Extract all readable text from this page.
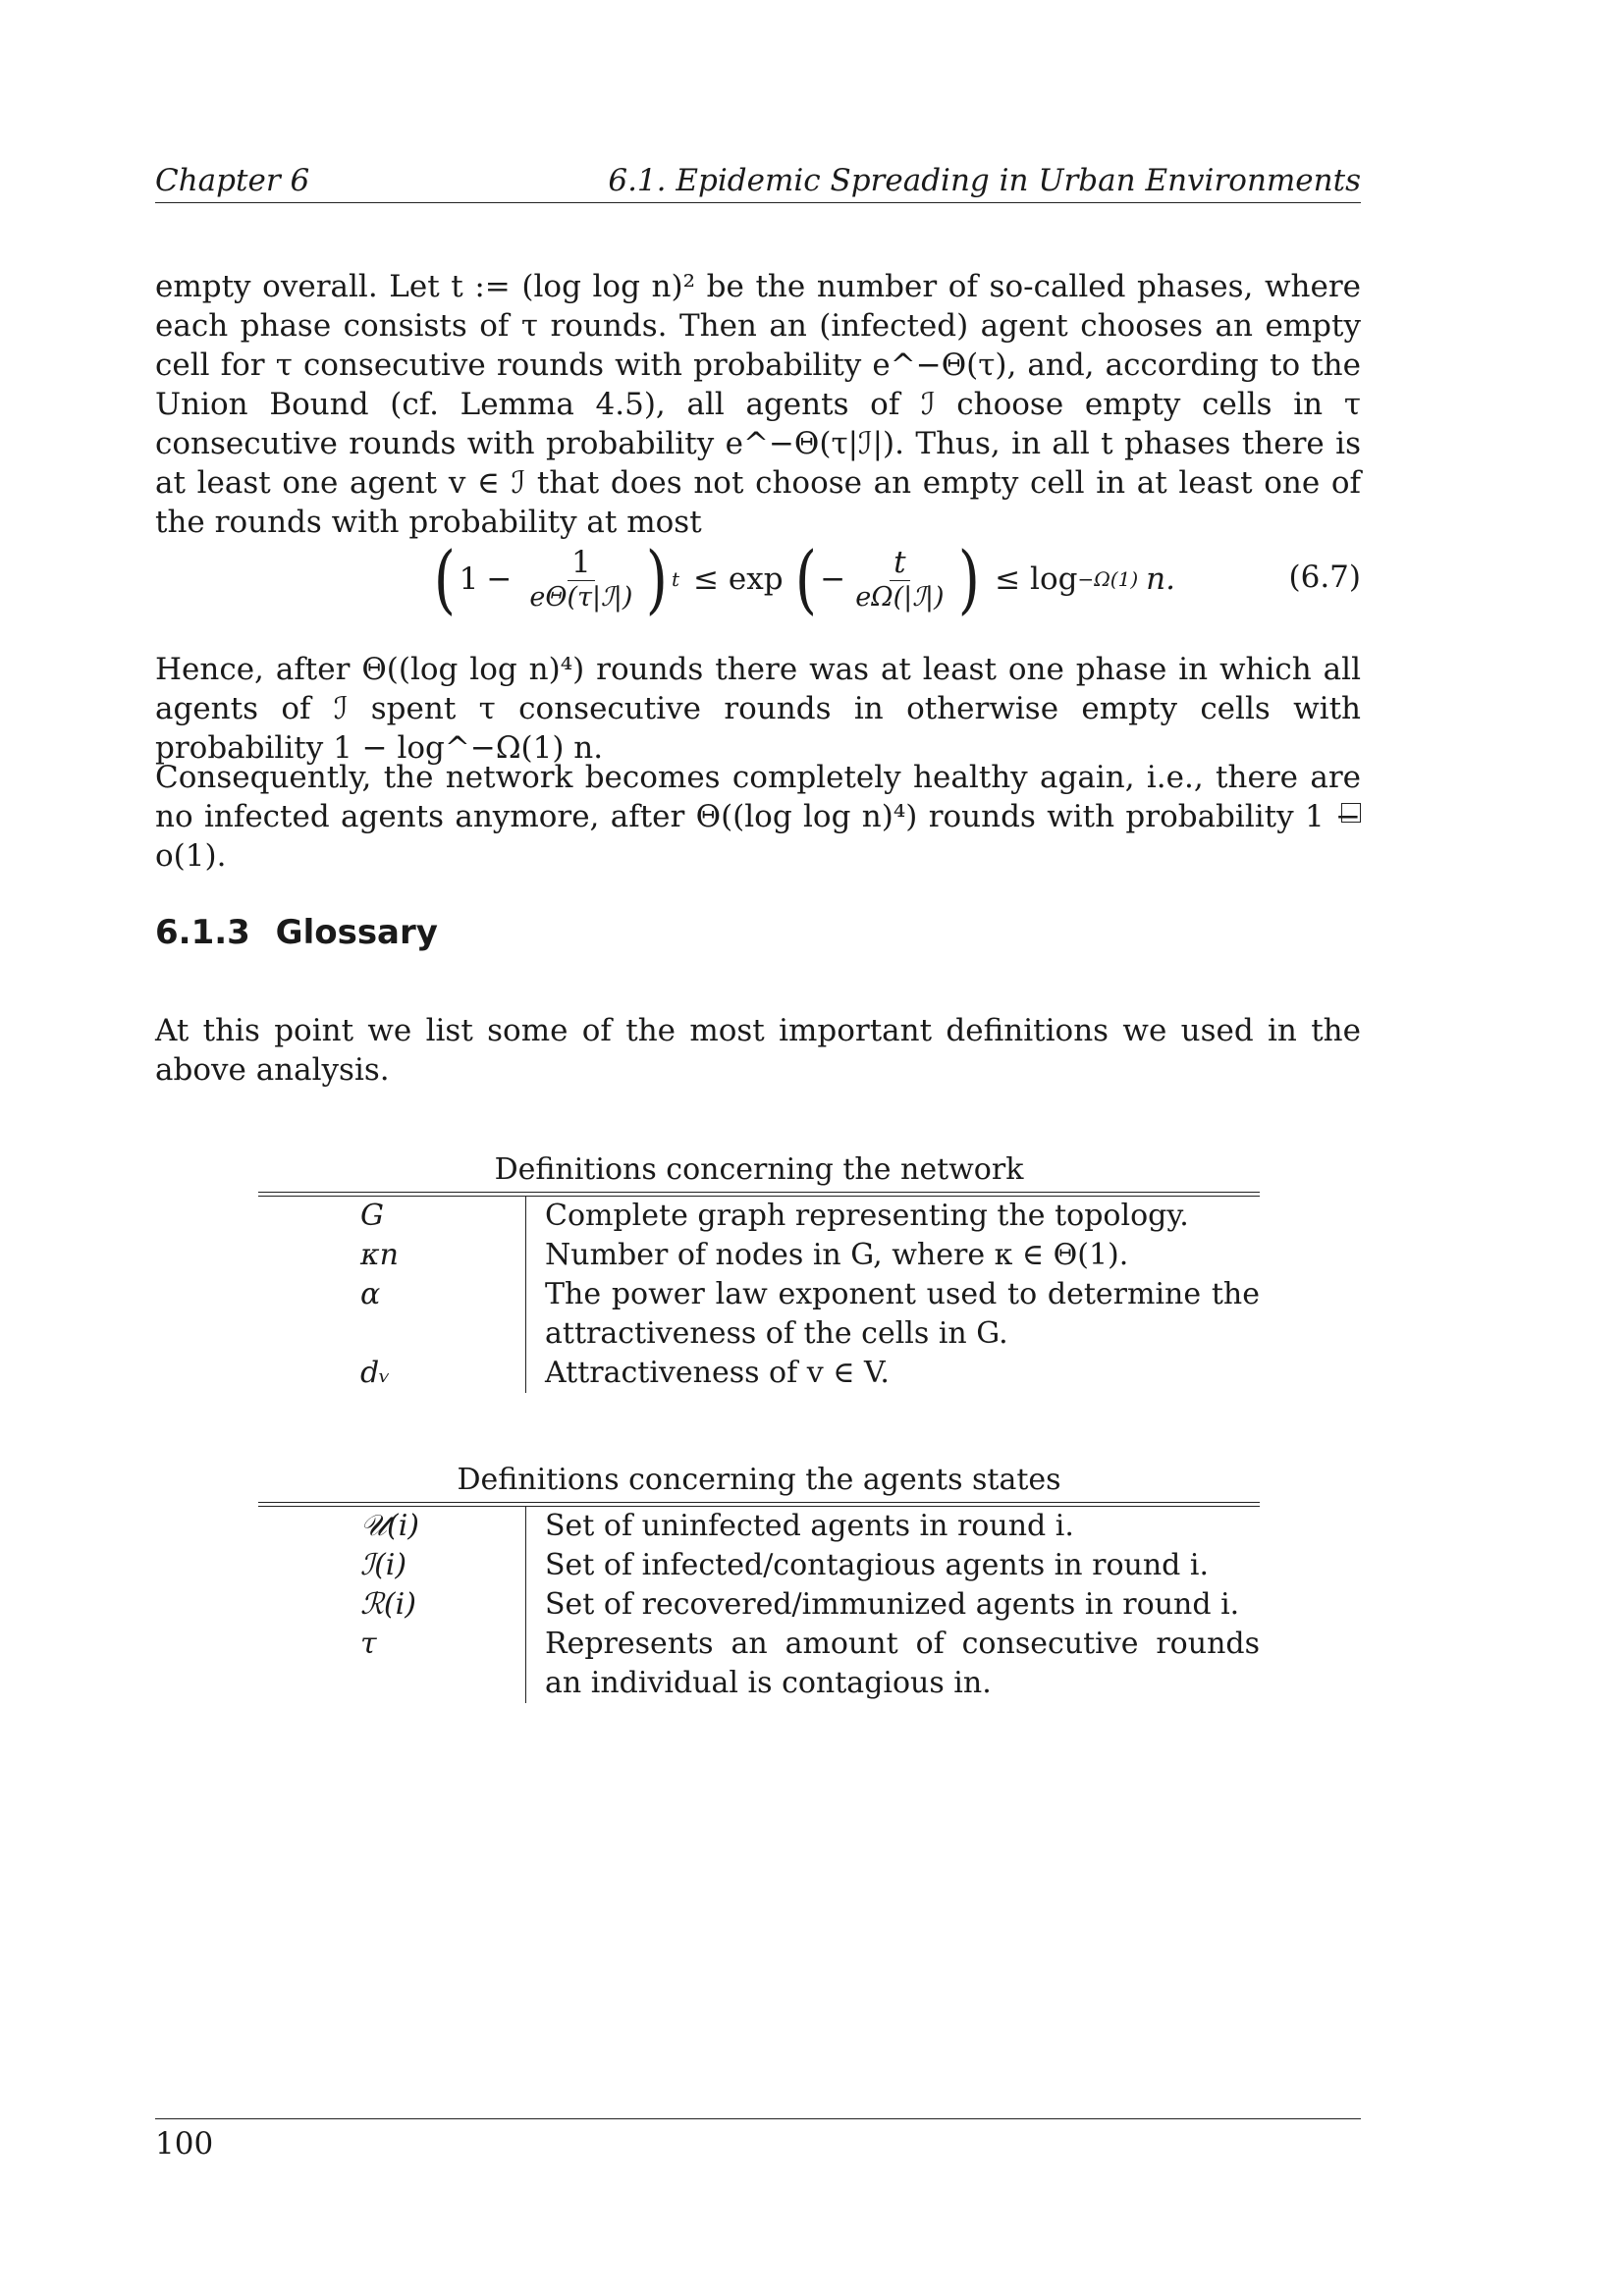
Chapter 6	6.1. Epidemic Spreading in Urban Environments
empty overall. Let t := (log log n)² be the number of so-called phases, where each phase consists of τ rounds. Then an (infected) agent chooses an empty cell for τ consecutive rounds with probability e^−Θ(τ), and, according to the Union Bound (cf. Lemma 4.5), all agents of ℐ choose empty cells in τ consecutive rounds with probability e^−Θ(τ|ℐ|). Thus, in all t phases there is at least one agent v ∈ ℐ that does not choose an empty cell in at least one of the rounds with probability at most
( $1 - \frac{1}{\text{eΘ(τ|ℐ|)}}$ ) t ≤ exp ( − $\frac{t}{\text{eΩ(|ℐ|)}}$ ) ≤ log −Ω(1) n.	(6.7)
Hence, after Θ((log log n)⁴) rounds there was at least one phase in which all agents of ℐ spent τ consecutive rounds in otherwise empty cells with probability 1 − log^−Ω(1) n.
Consequently, the network becomes completely healthy again, i.e., there are no infected agents anymore, after Θ((log log n)⁴) rounds with probability 1 − o(1).
6.1.3 Glossary
At this point we list some of the most important definitions we used in the above analysis.
Definitions concerning the network
G	Complete graph representing the topology.
κn	Number of nodes in G, where κ ∈ Θ(1).
α	The power law exponent used to determine the attractiveness of the cells in G.
dᵥ	Attractiveness of v ∈ V.
Definitions concerning the agents states
𝒰(i)	Set of uninfected agents in round i.
ℐ(i)	Set of infected/contagious agents in round i.
ℛ(i)	Set of recovered/immunized agents in round i.
τ	Represents an amount of consecutive rounds an individual is contagious in.
100
